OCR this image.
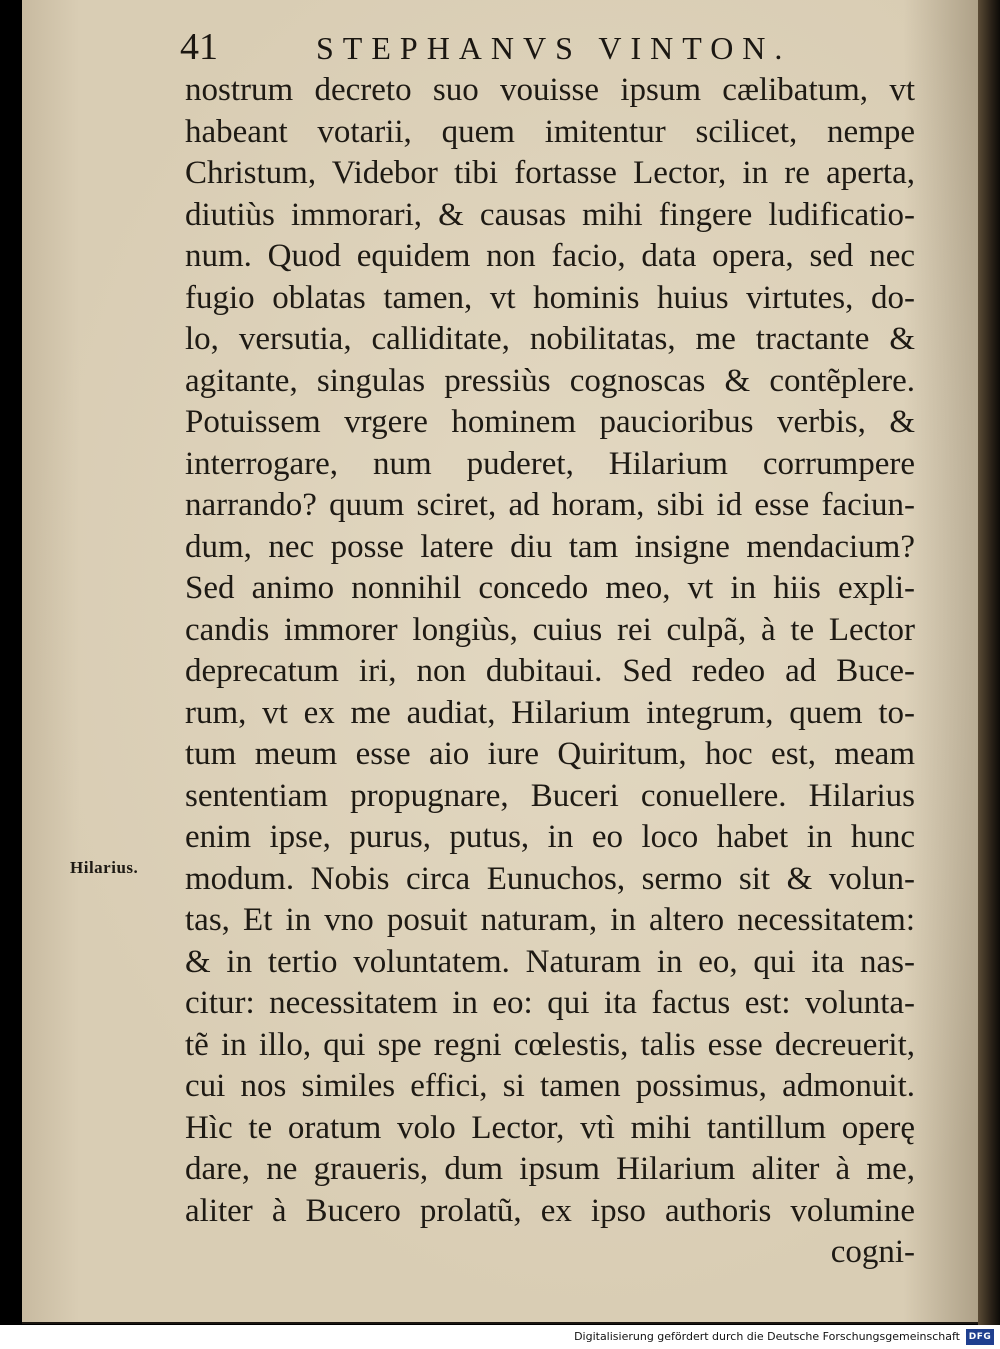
41	STEPHANVS VINTON.
Hilarius.
nostrum decreto suo vouisse ipsum cælibatum, vt
habeant votarii, quem imitentur scilicet, nempe
Christum, Videbor tibi fortasse Lector, in re aperta,
diutiùs immorari, & causas mihi fingere ludificatio-
num. Quod equidem non facio, data opera, sed nec
fugio oblatas tamen, vt hominis huius virtutes, do-
lo, versutia, calliditate, nobilitatas, me tractante &
agitante, singulas pressiùs cognoscas & contẽplere.
Potuissem vrgere hominem paucioribus verbis, &
interrogare, num puderet, Hilarium corrumpere
narrando? quum sciret, ad horam, sibi id esse faciun-
dum, nec posse latere diu tam insigne mendacium?
Sed animo nonnihil concedo meo, vt in hiis expli-
candis immorer longiùs, cuius rei culpã, à te Lector
deprecatum iri, non dubitaui. Sed redeo ad Buce-
rum, vt ex me audiat, Hilarium integrum, quem to-
tum meum esse aio iure Quiritum, hoc est, meam
sententiam propugnare, Buceri conuellere. Hilarius
enim ipse, purus, putus, in eo loco habet in hunc
modum. Nobis circa Eunuchos, sermo sit & volun-
tas, Et in vno posuit naturam, in altero necessitatem:
& in tertio voluntatem. Naturam in eo, qui ita nas-
citur: necessitatem in eo: qui ita factus est: volunta-
tẽ in illo, qui spe regni cœlestis, talis esse decreuerit,
cui nos similes effici, si tamen possimus, admonuit.
Hìc te oratum volo Lector, vtì mihi tantillum operę
dare, ne graueris, dum ipsum Hilarium aliter à me,
aliter à Bucero prolatũ, ex ipso authoris volumine
cogni-
Digitalisierung gefördert durch die Deutsche Forschungsgemeinschaft DFG
